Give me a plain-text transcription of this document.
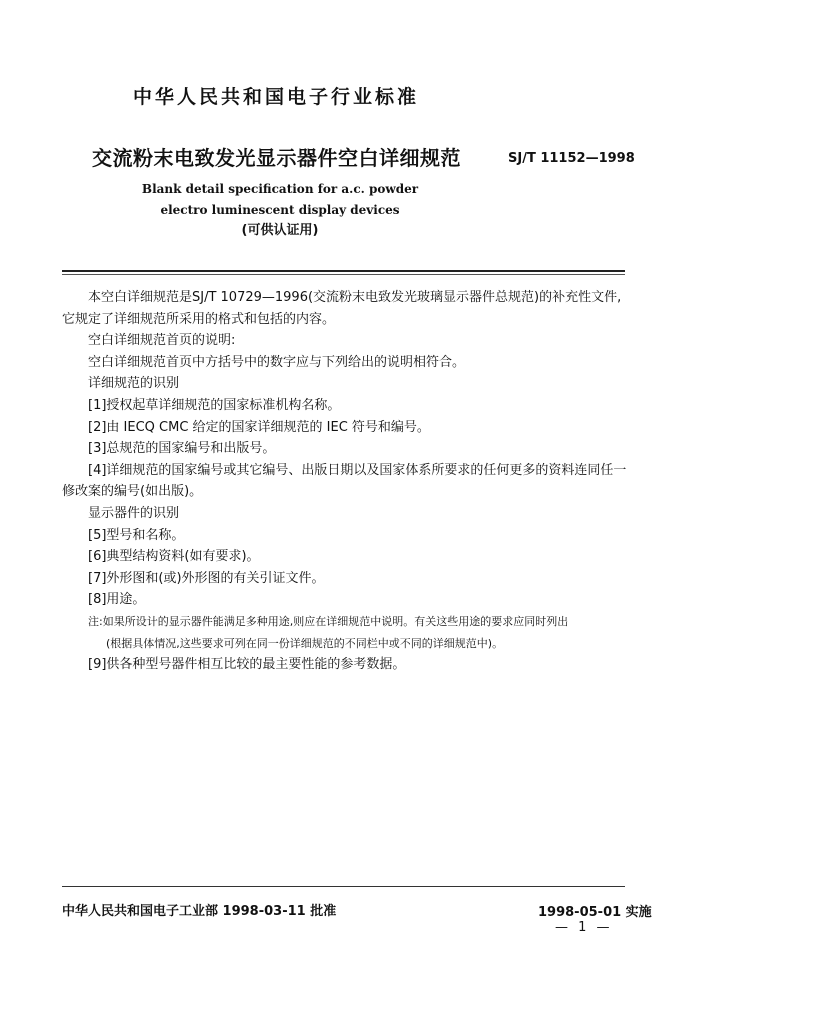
中华人民共和国电子行业标准
交流粉末电致发光显示器件空白详细规范	SJ/T 11152—1998
Blank detail specification for a.c. powder
electro luminescent display devices
(可供认证用)

本空白详细规范是SJ/T 10729—1996(交流粉末电致发光玻璃显示器件总规范)的补充性文件,它规定了详细规范所采用的格式和包括的内容。

空白详细规范首页的说明:

空白详细规范首页中方括号中的数字应与下列给出的说明相符合。

详细规范的识别

[1]授权起草详细规范的国家标准机构名称。

[2]由 IECQ CMC 给定的国家详细规范的 IEC 符号和编号。

[3]总规范的国家编号和出版号。

[4]详细规范的国家编号或其它编号、出版日期以及国家体系所要求的任何更多的资料连同任一修改案的编号(如出版)。

显示器件的识别

[5]型号和名称。

[6]典型结构资料(如有要求)。

[7]外形图和(或)外形图的有关引证文件。

[8]用途。

注:如果所设计的显示器件能满足多种用途,则应在详细规范中说明。有关这些用途的要求应同时列出

(根据具体情况,这些要求可列在同一份详细规范的不同栏中或不同的详细规范中)。

[9]供各种型号器件相互比较的最主要性能的参考数据。

中华人民共和国电子工业部 1998-03-11 批准	1998-05-01 实施
— 1 —
